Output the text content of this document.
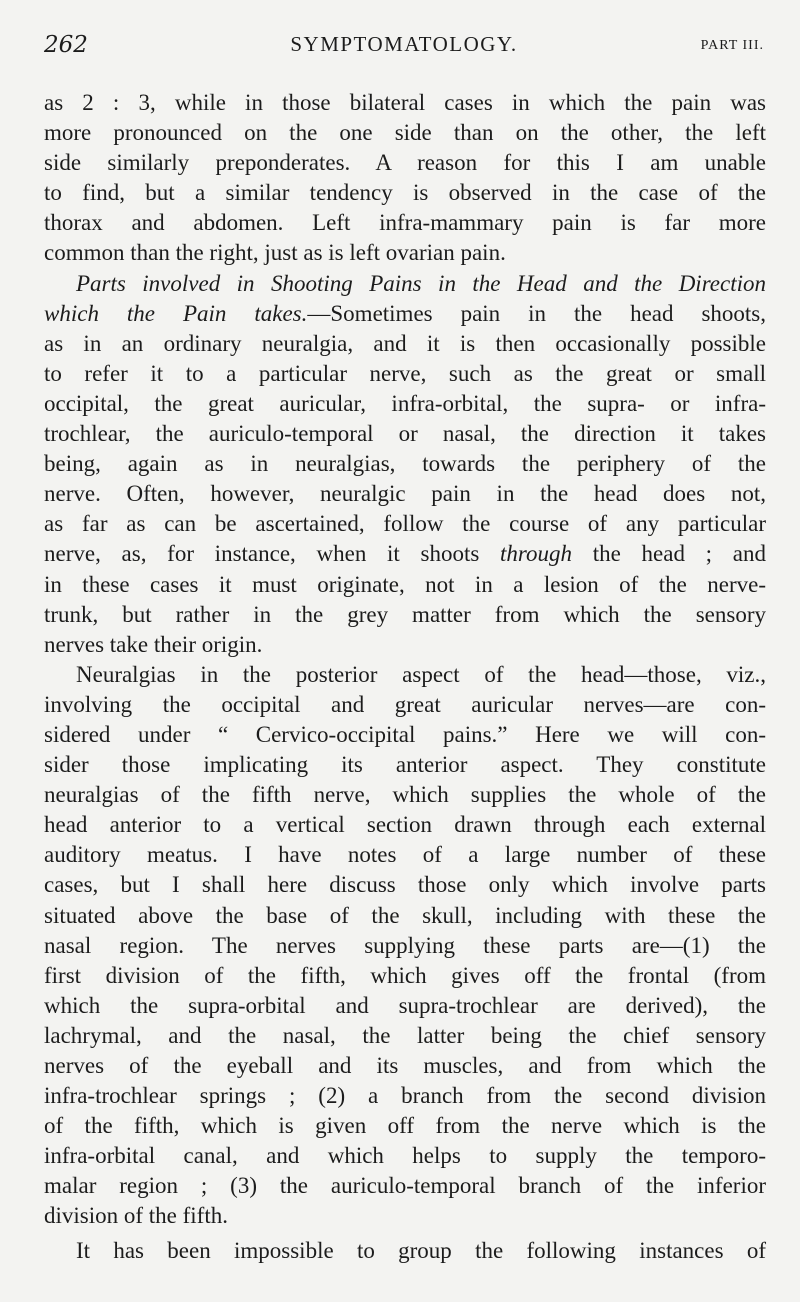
262	SYMPTOMATOLOGY.	PART III.
as 2 : 3, while in those bilateral cases in which the pain was
more pronounced on the one side than on the other, the left
side similarly preponderates. A reason for this I am unable
to find, but a similar tendency is observed in the case of the
thorax and abdomen. Left infra-mammary pain is far more
common than the right, just as is left ovarian pain.
Parts involved in Shooting Pains in the Head and the Direction
which the Pain takes.—Sometimes pain in the head shoots,
as in an ordinary neuralgia, and it is then occasionally possible
to refer it to a particular nerve, such as the great or small
occipital, the great auricular, infra-orbital, the supra- or infra-
trochlear, the auriculo-temporal or nasal, the direction it takes
being, again as in neuralgias, towards the periphery of the
nerve. Often, however, neuralgic pain in the head does not,
as far as can be ascertained, follow the course of any particular
nerve, as, for instance, when it shoots through the head ; and
in these cases it must originate, not in a lesion of the nerve-
trunk, but rather in the grey matter from which the sensory
nerves take their origin.
Neuralgias in the posterior aspect of the head—those, viz.,
involving the occipital and great auricular nerves—are con-
sidered under “ Cervico-occipital pains.” Here we will con-
sider those implicating its anterior aspect. They constitute
neuralgias of the fifth nerve, which supplies the whole of the
head anterior to a vertical section drawn through each external
auditory meatus. I have notes of a large number of these
cases, but I shall here discuss those only which involve parts
situated above the base of the skull, including with these the
nasal region. The nerves supplying these parts are—(1) the
first division of the fifth, which gives off the frontal (from
which the supra-orbital and supra-trochlear are derived), the
lachrymal, and the nasal, the latter being the chief sensory
nerves of the eyeball and its muscles, and from which the
infra-trochlear springs ; (2) a branch from the second division
of the fifth, which is given off from the nerve which is the
infra-orbital canal, and which helps to supply the temporo-
malar region ; (3) the auriculo-temporal branch of the inferior
division of the fifth.
It has been impossible to group the following instances of
